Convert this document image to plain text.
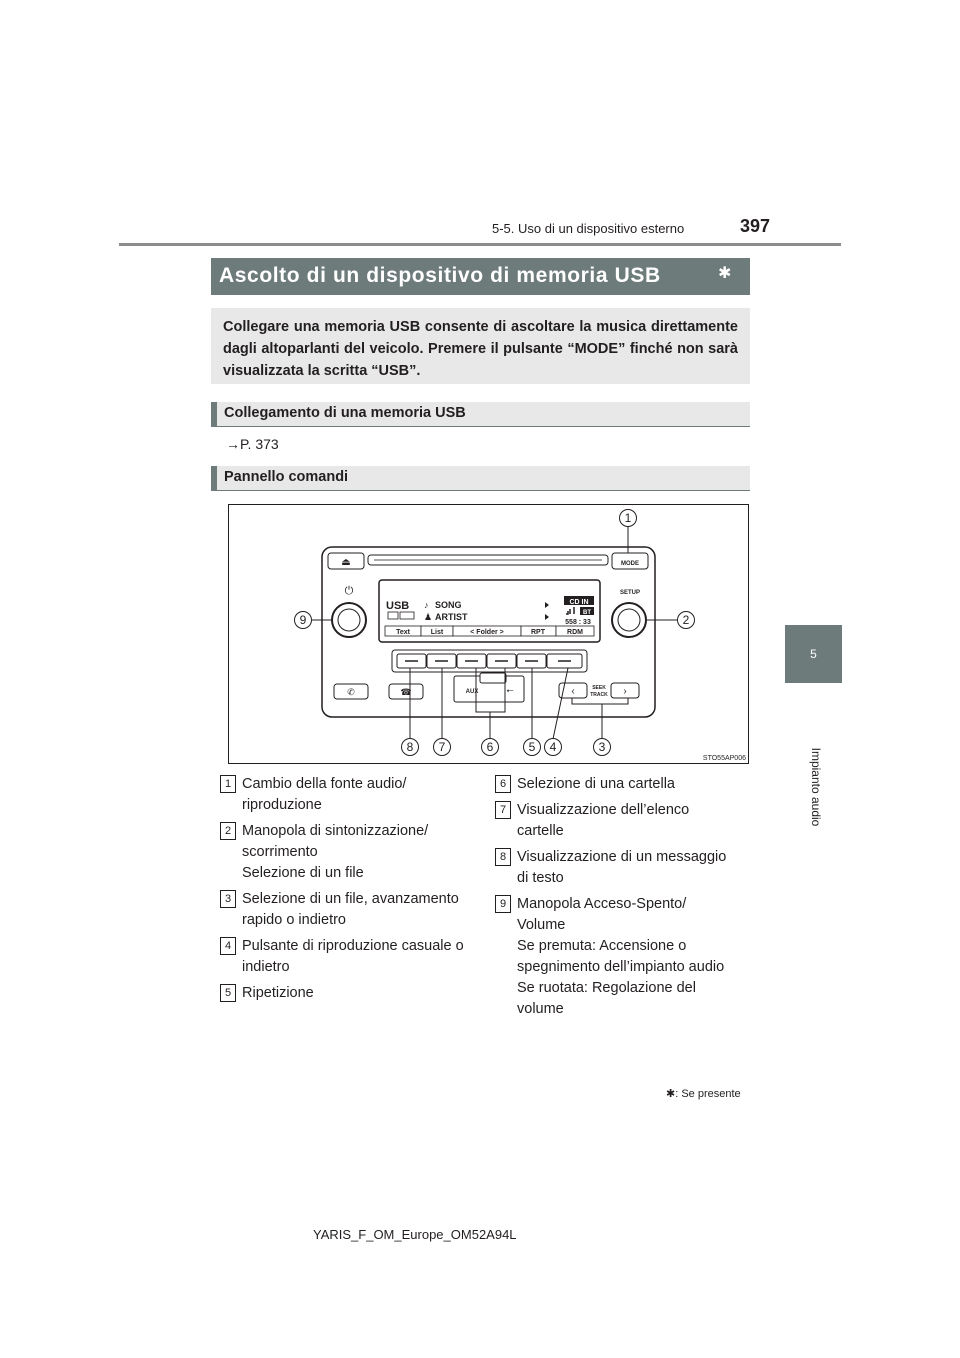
5-5. Uso di un dispositivo esterno	397
5
Impianto audio
Ascolto di un dispositivo di memoria USB	✱

Collegare una memoria USB consente di ascoltare la musica direttamente dagli altoparlanti del veicolo. Premere il pulsante “MODE” finché non sarà visualizzata la scritta “USB”.

Collegamento di una memoria USB
→P. 373
Pannello comandi
⏏	MODE
⏻	SETUP
USB ♪ SONG
♟ ARTIST
CD IN
BT
558 : 33
Text	List	< Folder >	RPT	RDM
✆	☎	AUX	⭠	‹	›
SEEK
TRACK
1
2
9
8 7	6	5 4	3
STO55AP006
1 Cambio della fonte audio/
riproduzione
2 Manopola di sintonizzazione/
scorrimento
Selezione di un file
3 Selezione di un file, avanzamento
rapido o indietro
4 Pulsante di riproduzione casuale o
indietro
5 Ripetizione
6 Selezione di una cartella
7 Visualizzazione dell’elenco
cartelle
8 Visualizzazione di un messaggio
di testo
9 Manopola Acceso-Spento/
Volume
Se premuta: Accensione o
spegnimento dell’impianto audio
Se ruotata: Regolazione del
volume
✱: Se presente
YARIS_F_OM_Europe_OM52A94L
